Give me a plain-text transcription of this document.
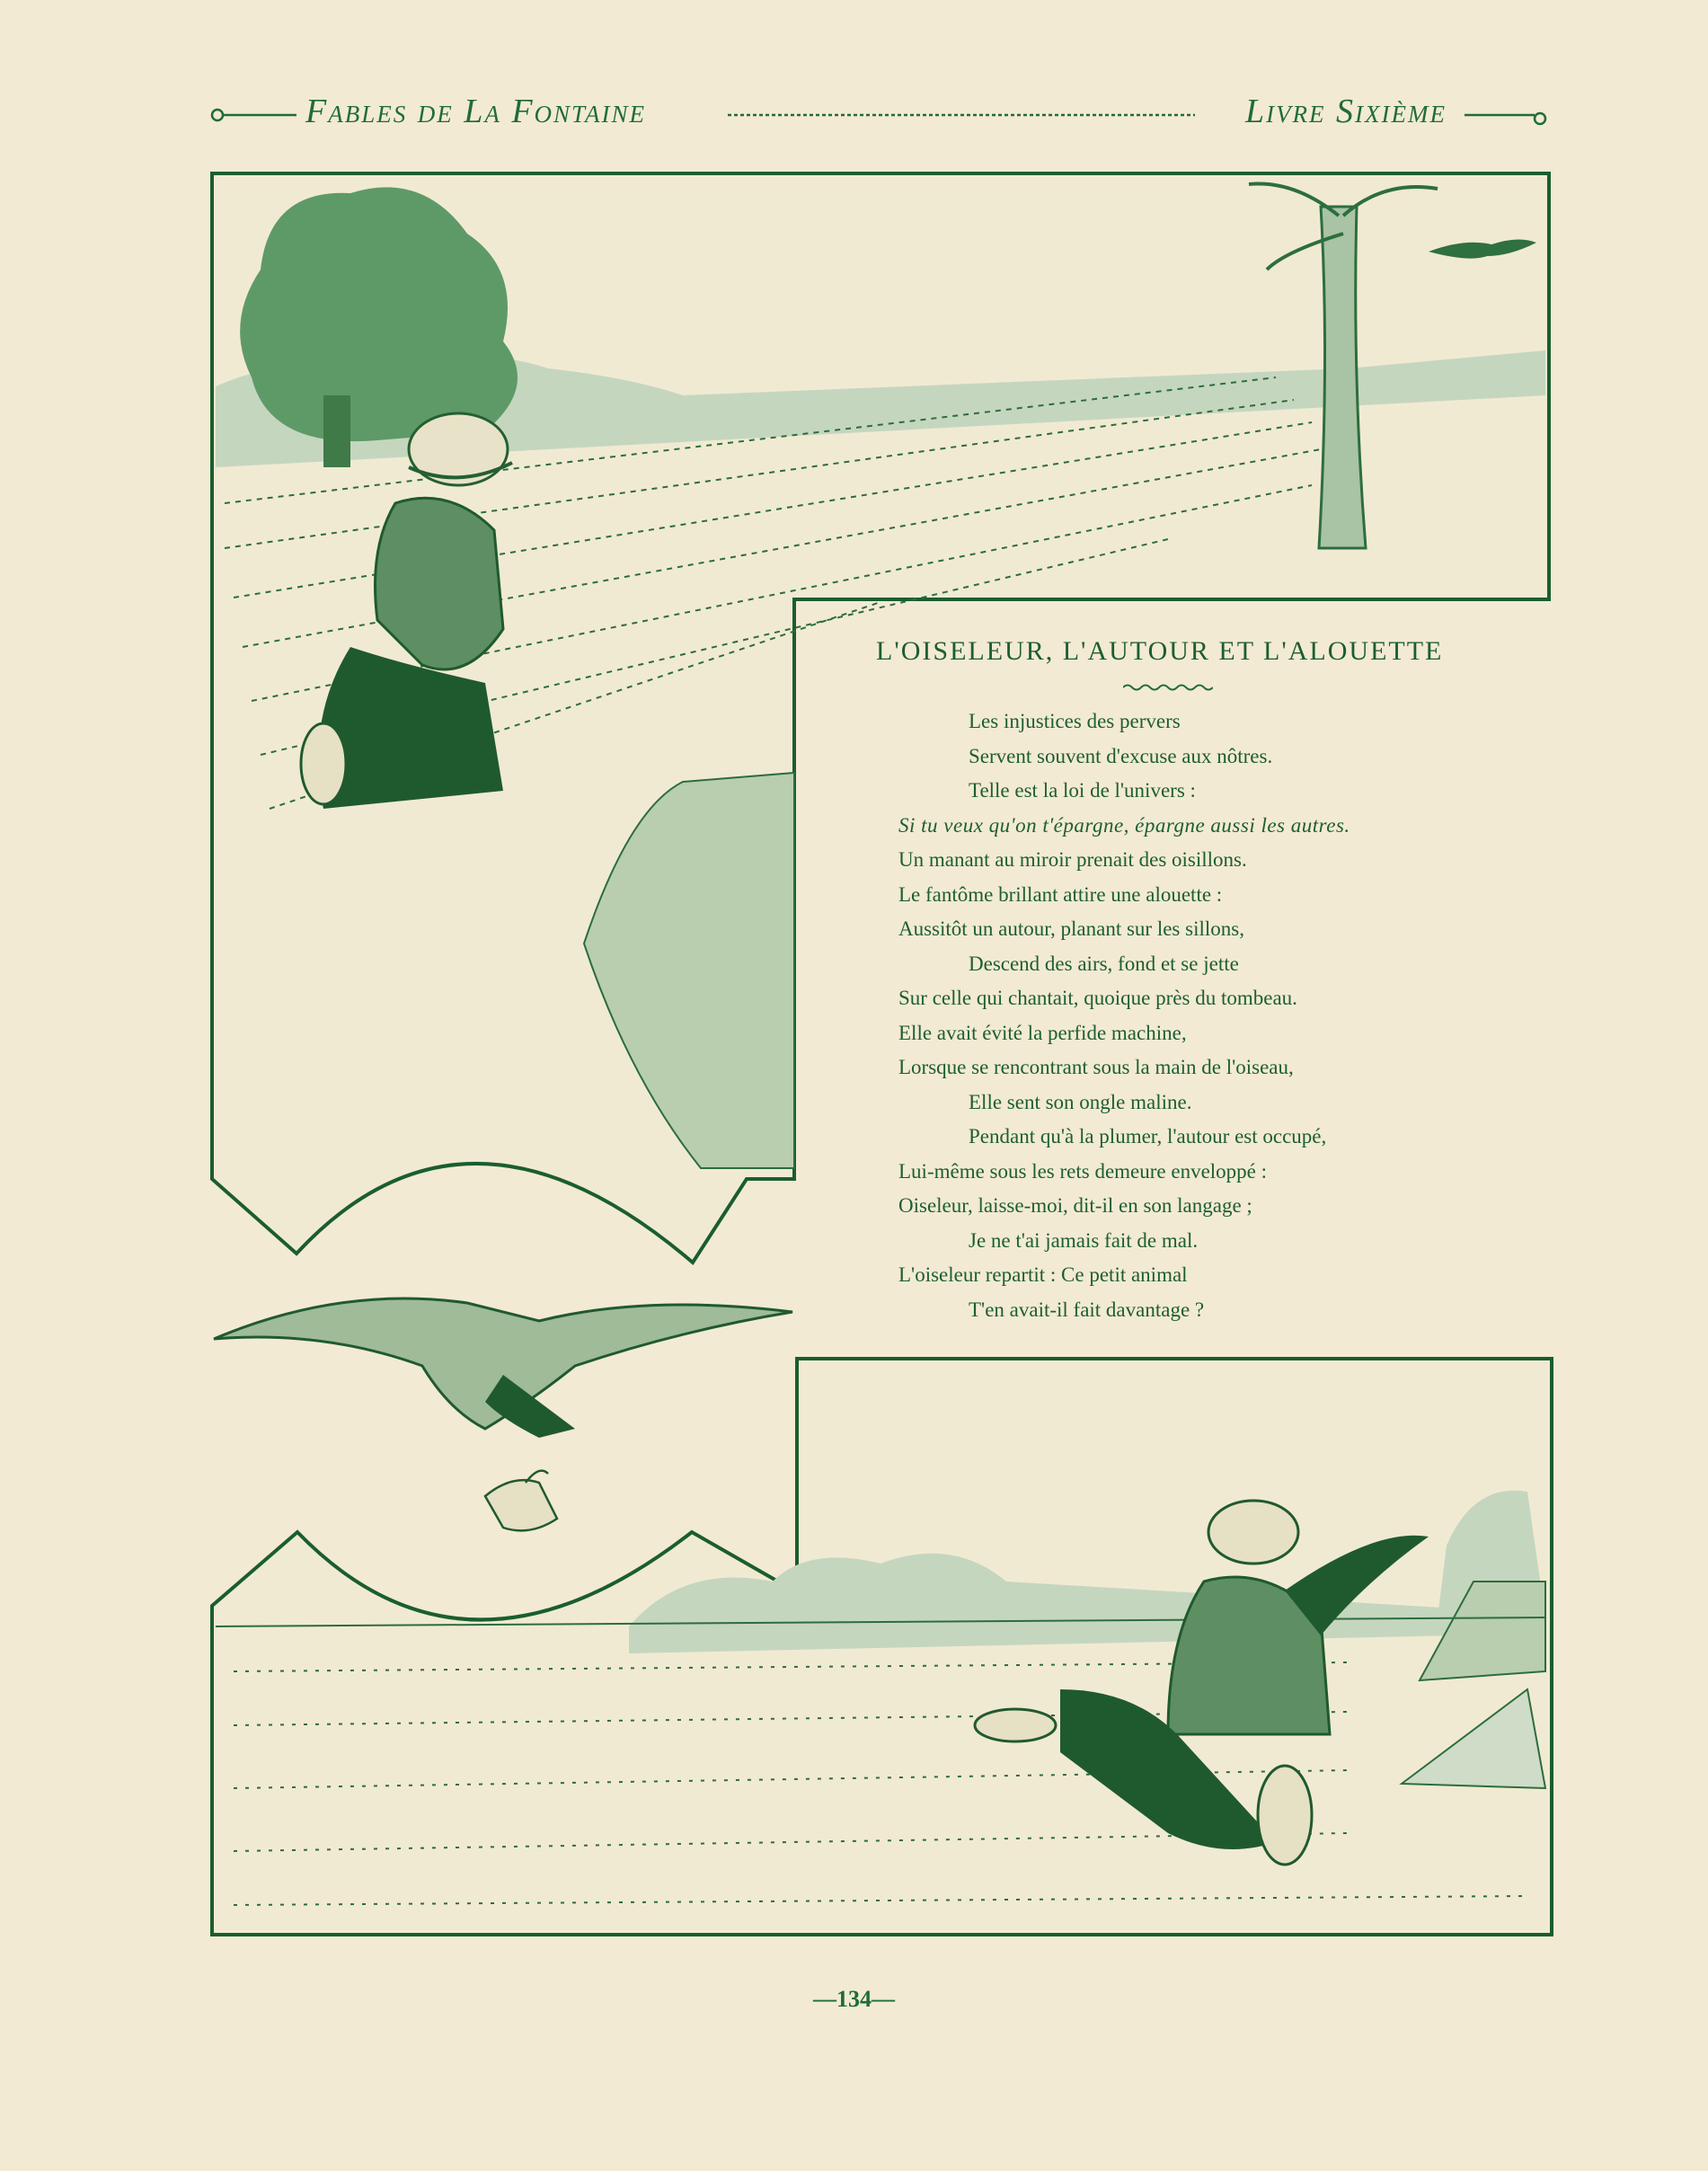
Fables de La Fontaine	Livre Sixième
L'OISELEUR, L'AUTOUR ET L'ALOUETTE
Les injustices des pervers
Servent souvent d'excuse aux nôtres.
Telle est la loi de l'univers :
Si tu veux qu'on t'épargne, épargne aussi les autres.
Un manant au miroir prenait des oisillons.
Le fantôme brillant attire une alouette :
Aussitôt un autour, planant sur les sillons,
Descend des airs, fond et se jette
Sur celle qui chantait, quoique près du tombeau.
Elle avait évité la perfide machine,
Lorsque se rencontrant sous la main de l'oiseau,
Elle sent son ongle maline.
Pendant qu'à la plumer, l'autour est occupé,
Lui-même sous les rets demeure enveloppé :
Oiseleur, laisse-moi, dit-il en son langage ;
Je ne t'ai jamais fait de mal.
L'oiseleur repartit : Ce petit animal
T'en avait-il fait davantage ?
—134—
